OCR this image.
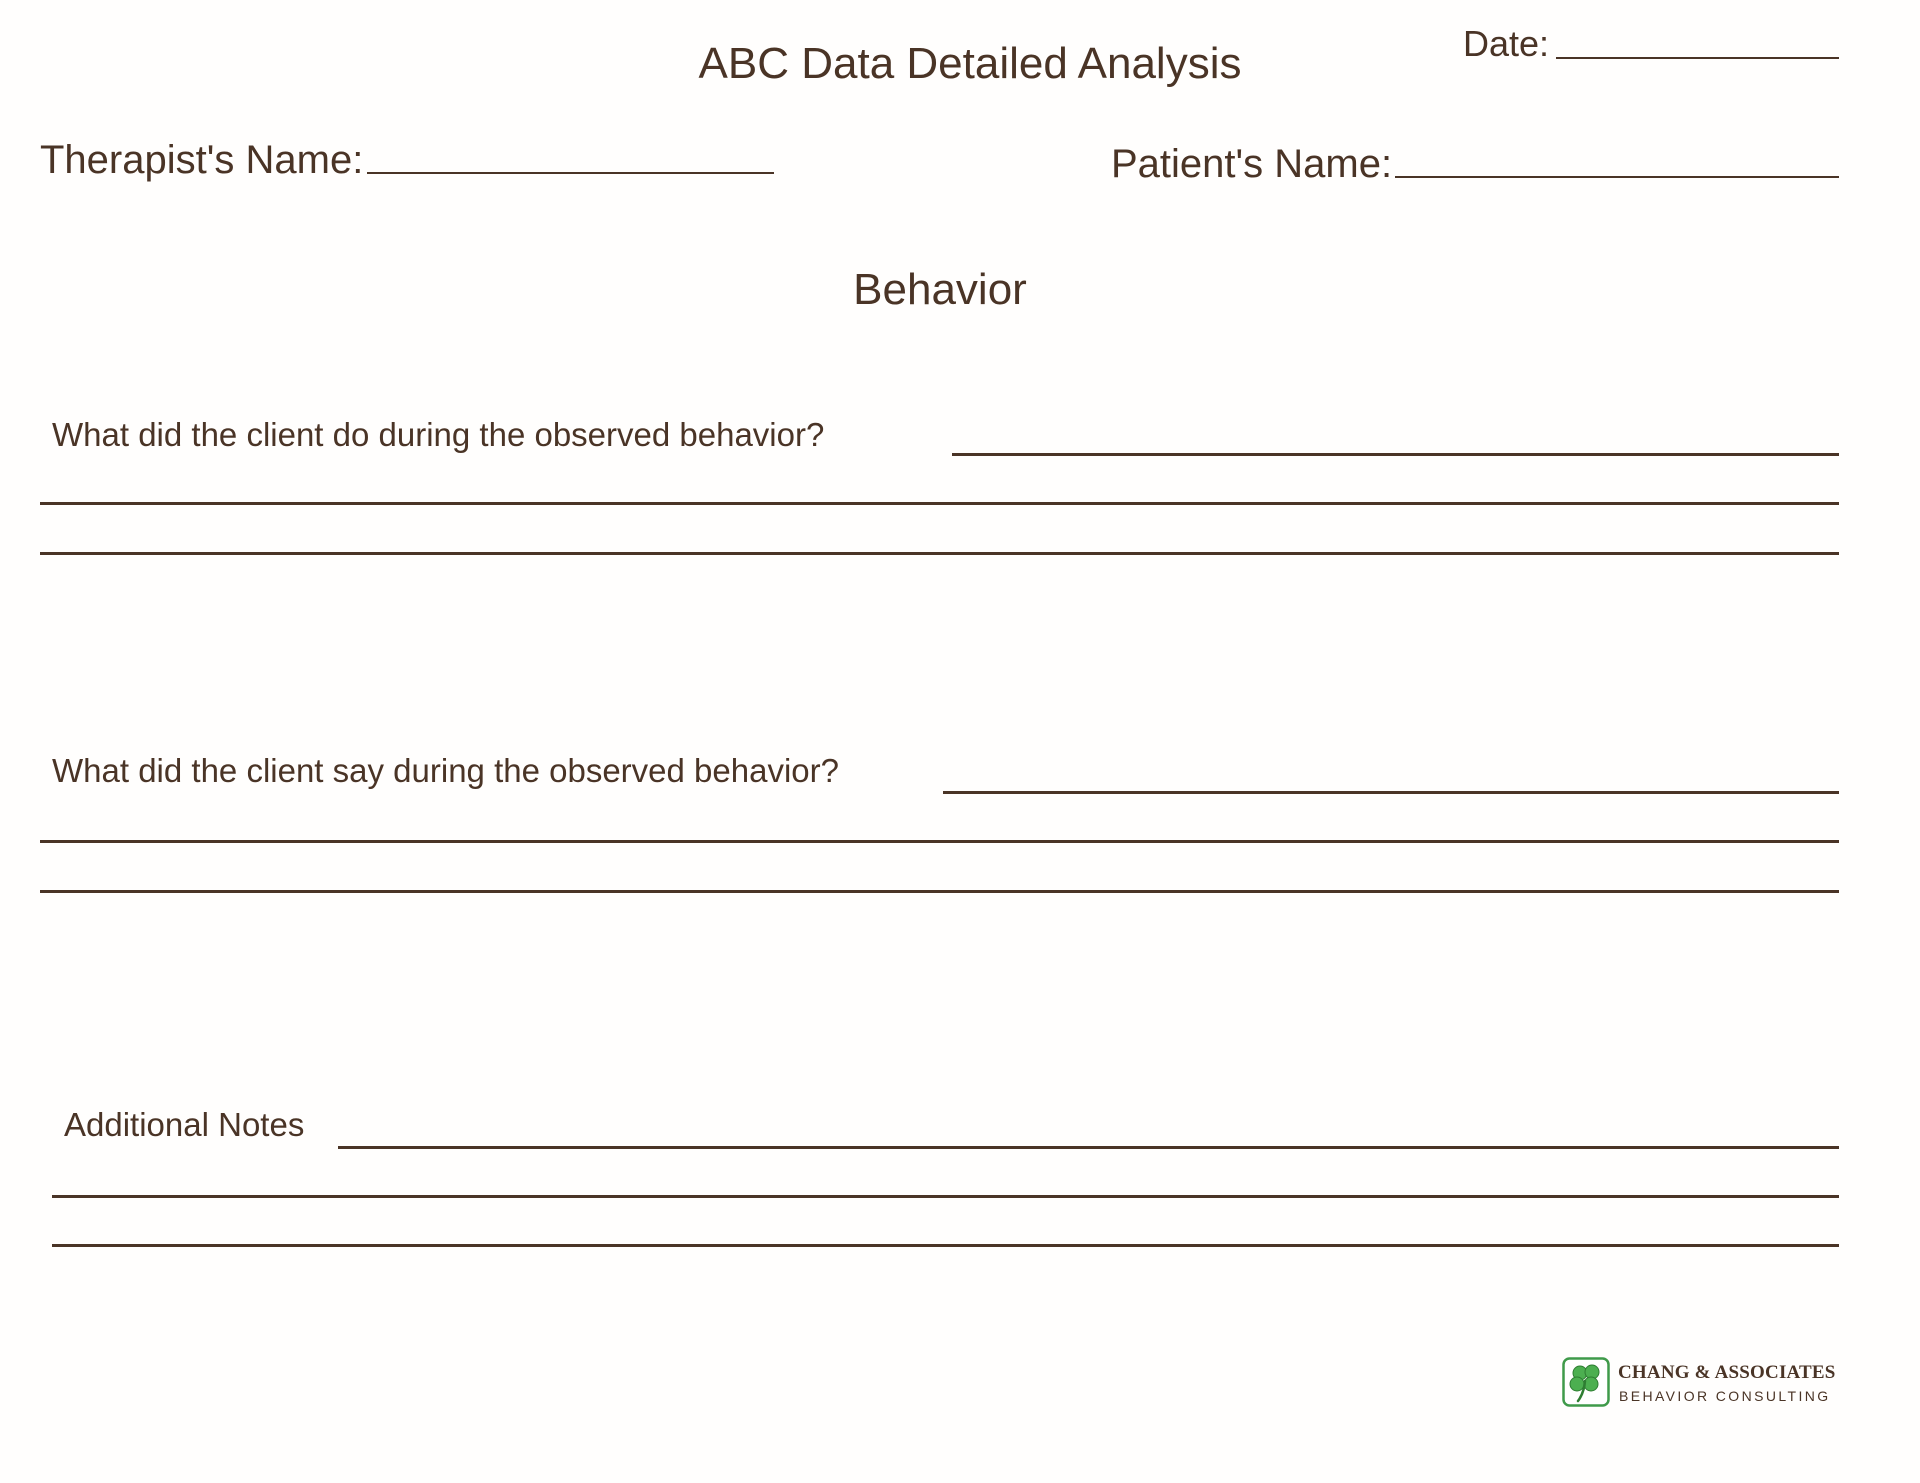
ABC Data Detailed Analysis	Date:
Therapist's Name:	Patient's Name:
Behavior
What did the client do during the observed behavior?
What did the client say during the observed behavior?
Additional Notes
CHANG & ASSOCIATES
BEHAVIOR CONSULTING
